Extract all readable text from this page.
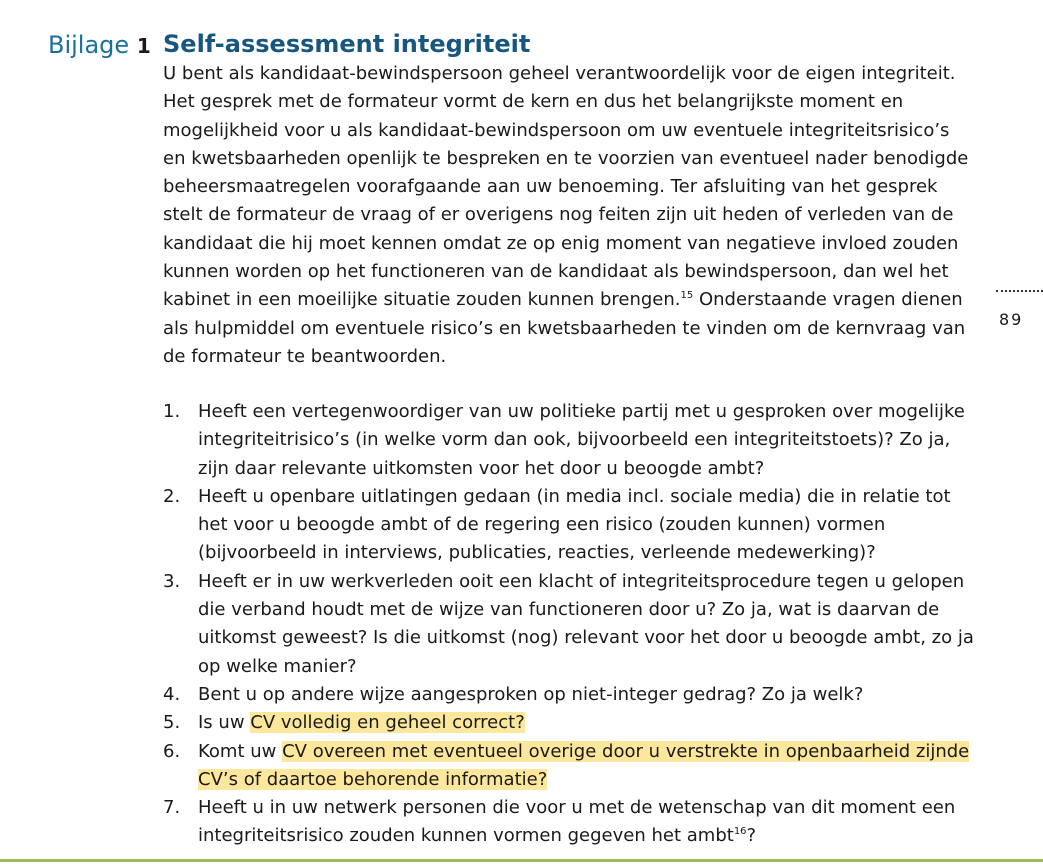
Bijlage 1 Self-assessment integriteit
U bent als kandidaat-bewindspersoon geheel verantwoordelijk voor de eigen integriteit.
Het gesprek met de formateur vormt de kern en dus het belangrijkste moment en
mogelijkheid voor u als kandidaat-bewindspersoon om uw eventuele integriteitsrisico’s
en kwetsbaarheden openlijk te bespreken en te voorzien van eventueel nader benodigde
beheersmaatregelen voorafgaande aan uw benoeming. Ter afsluiting van het gesprek
stelt de formateur de vraag of er overigens nog feiten zijn uit heden of verleden van de
kandidaat die hij moet kennen omdat ze op enig moment van negatieve invloed zouden
kunnen worden op het functioneren van de kandidaat als bewindspersoon, dan wel het
kabinet in een moeilijke situatie zouden kunnen brengen.$^{15}$ Onderstaande vragen dienen
als hulpmiddel om eventuele risico’s en kwetsbaarheden te vinden om de kernvraag van
de formateur te beantwoorden.
1. Heeft een vertegenwoordiger van uw politieke partij met u gesproken over mogelijke
integriteitrisico’s (in welke vorm dan ook, bijvoorbeeld een integriteitstoets)? Zo ja,
zijn daar relevante uitkomsten voor het door u beoogde ambt?
2. Heeft u openbare uitlatingen gedaan (in media incl. sociale media) die in relatie tot
het voor u beoogde ambt of de regering een risico (zouden kunnen) vormen
(bijvoorbeeld in interviews, publicaties, reacties, verleende medewerking)?
3. Heeft er in uw werkverleden ooit een klacht of integriteitsprocedure tegen u gelopen
die verband houdt met de wijze van functioneren door u? Zo ja, wat is daarvan de
uitkomst geweest? Is die uitkomst (nog) relevant voor het door u beoogde ambt, zo ja
op welke manier?
4. Bent u op andere wijze aangesproken op niet-integer gedrag? Zo ja welk?
5. Is uw CV volledig en geheel correct?
6. Komt uw CV overeen met eventueel overige door u verstrekte in openbaarheid zijnde
CV’s of daartoe behorende informatie?
7. Heeft u in uw netwerk personen die voor u met de wetenschap van dit moment een
integriteitsrisico zouden kunnen vormen gegeven het ambt$^{16}$?
89
